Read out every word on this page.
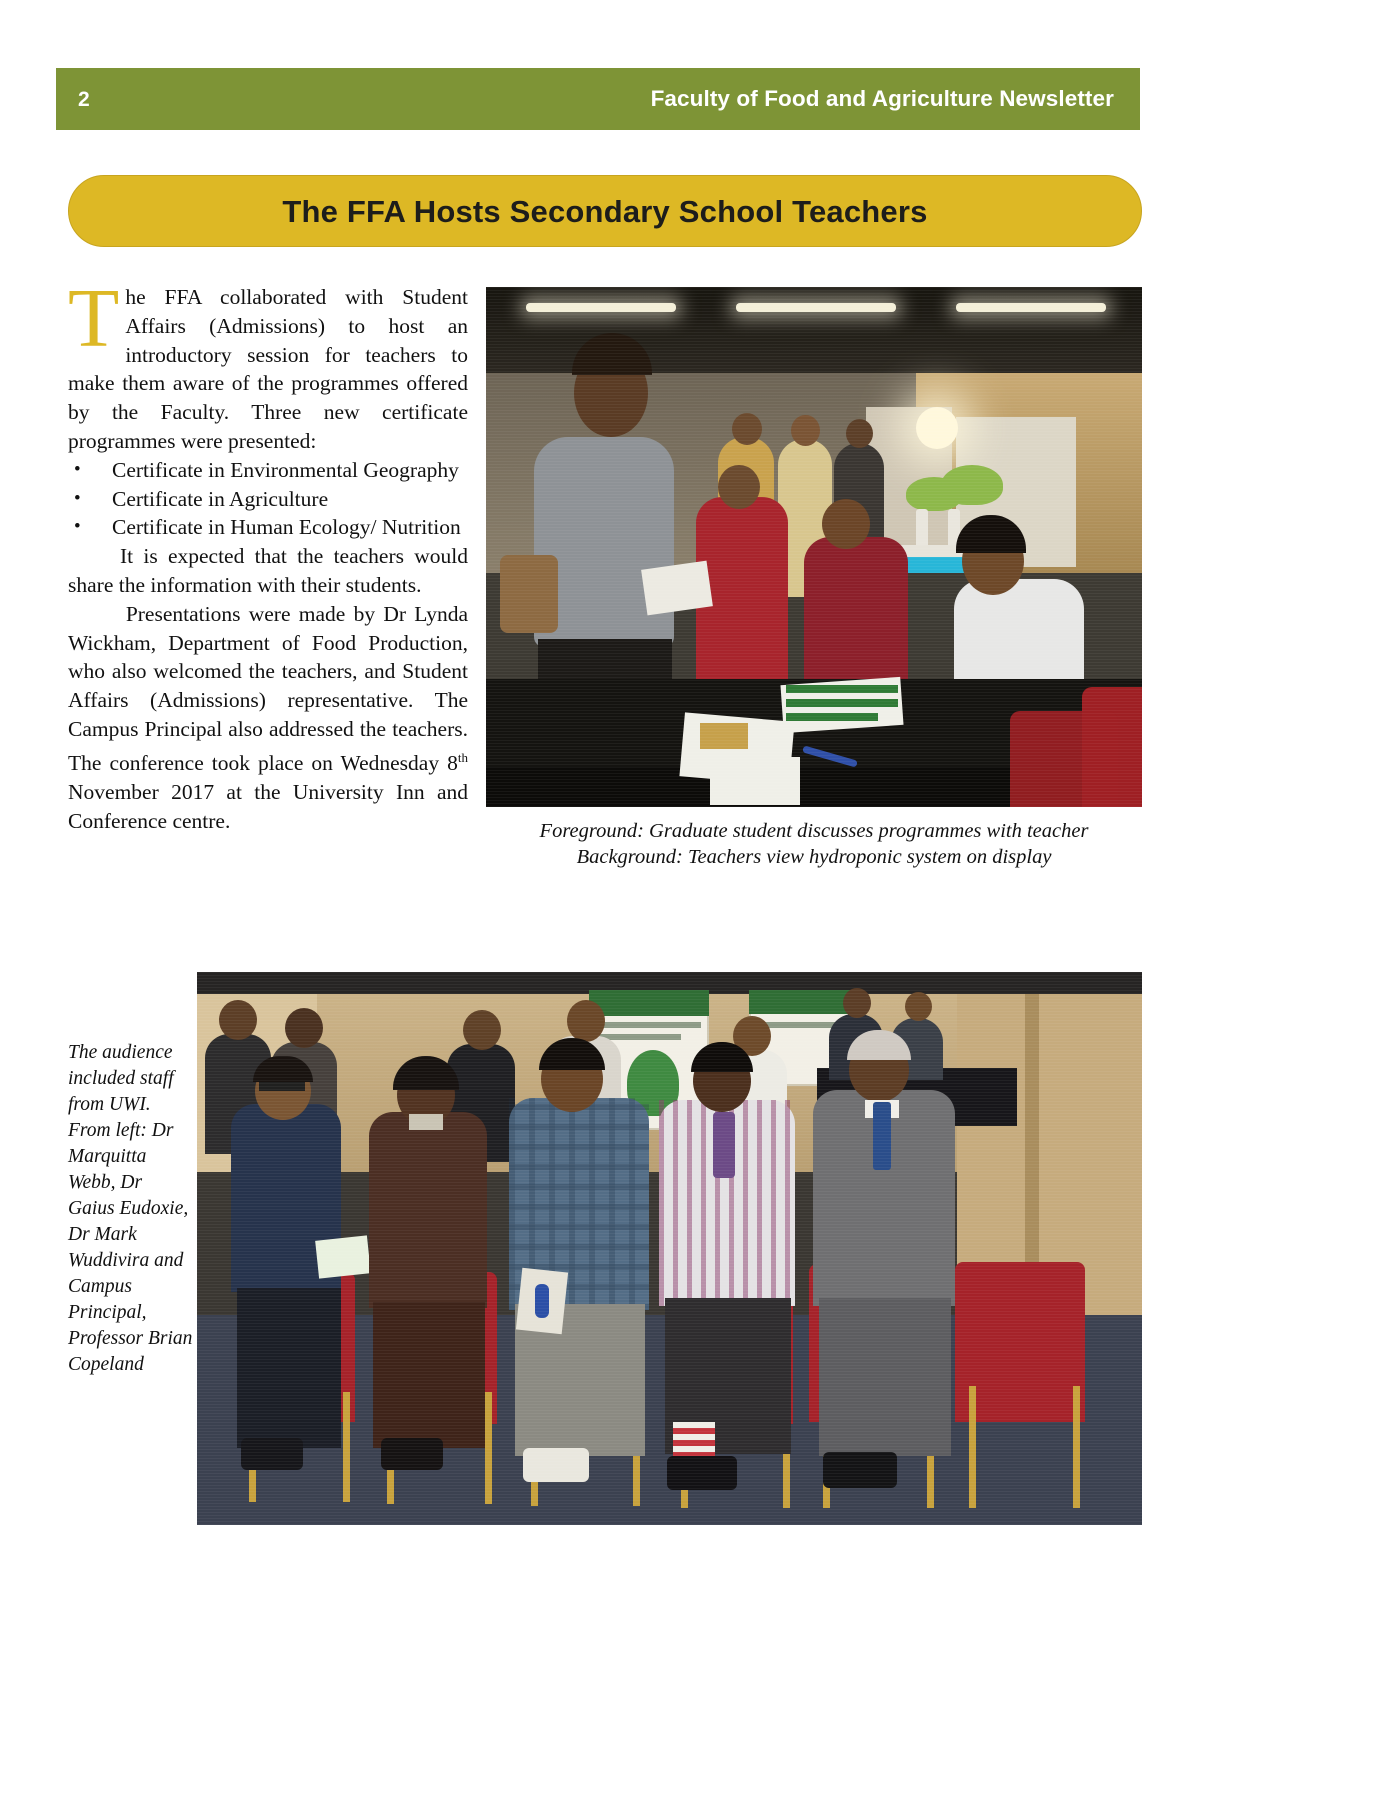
2	Faculty of Food and Agriculture Newsletter
The FFA Hosts Secondary School Teachers
The FFA collaborated with Student Affairs (Admissions) to host an introductory session for teachers to make them aware of the programmes offered by the Faculty. Three new certificate programmes were presented:
• Certificate in Environmental Geography
• Certificate in Agriculture
• Certificate in Human Ecology/ Nutrition
It is expected that the teachers would share the information with their students.
Presentations were made by Dr Lynda Wickham, Department of Food Production, who also welcomed the teachers, and Student Affairs (Admissions) representative. The Campus Principal also addressed the teachers. The conference took place on Wednesday 8th November 2017 at the University Inn and Conference centre.	Foreground: Graduate student discusses programmes with teacher
Background: Teachers view hydroponic system on display
The audience included staff from UWI. From left: Dr Marquitta Webb, Dr Gaius Eudoxie, Dr Mark Wuddivira and Campus Principal, Professor Brian Copeland
